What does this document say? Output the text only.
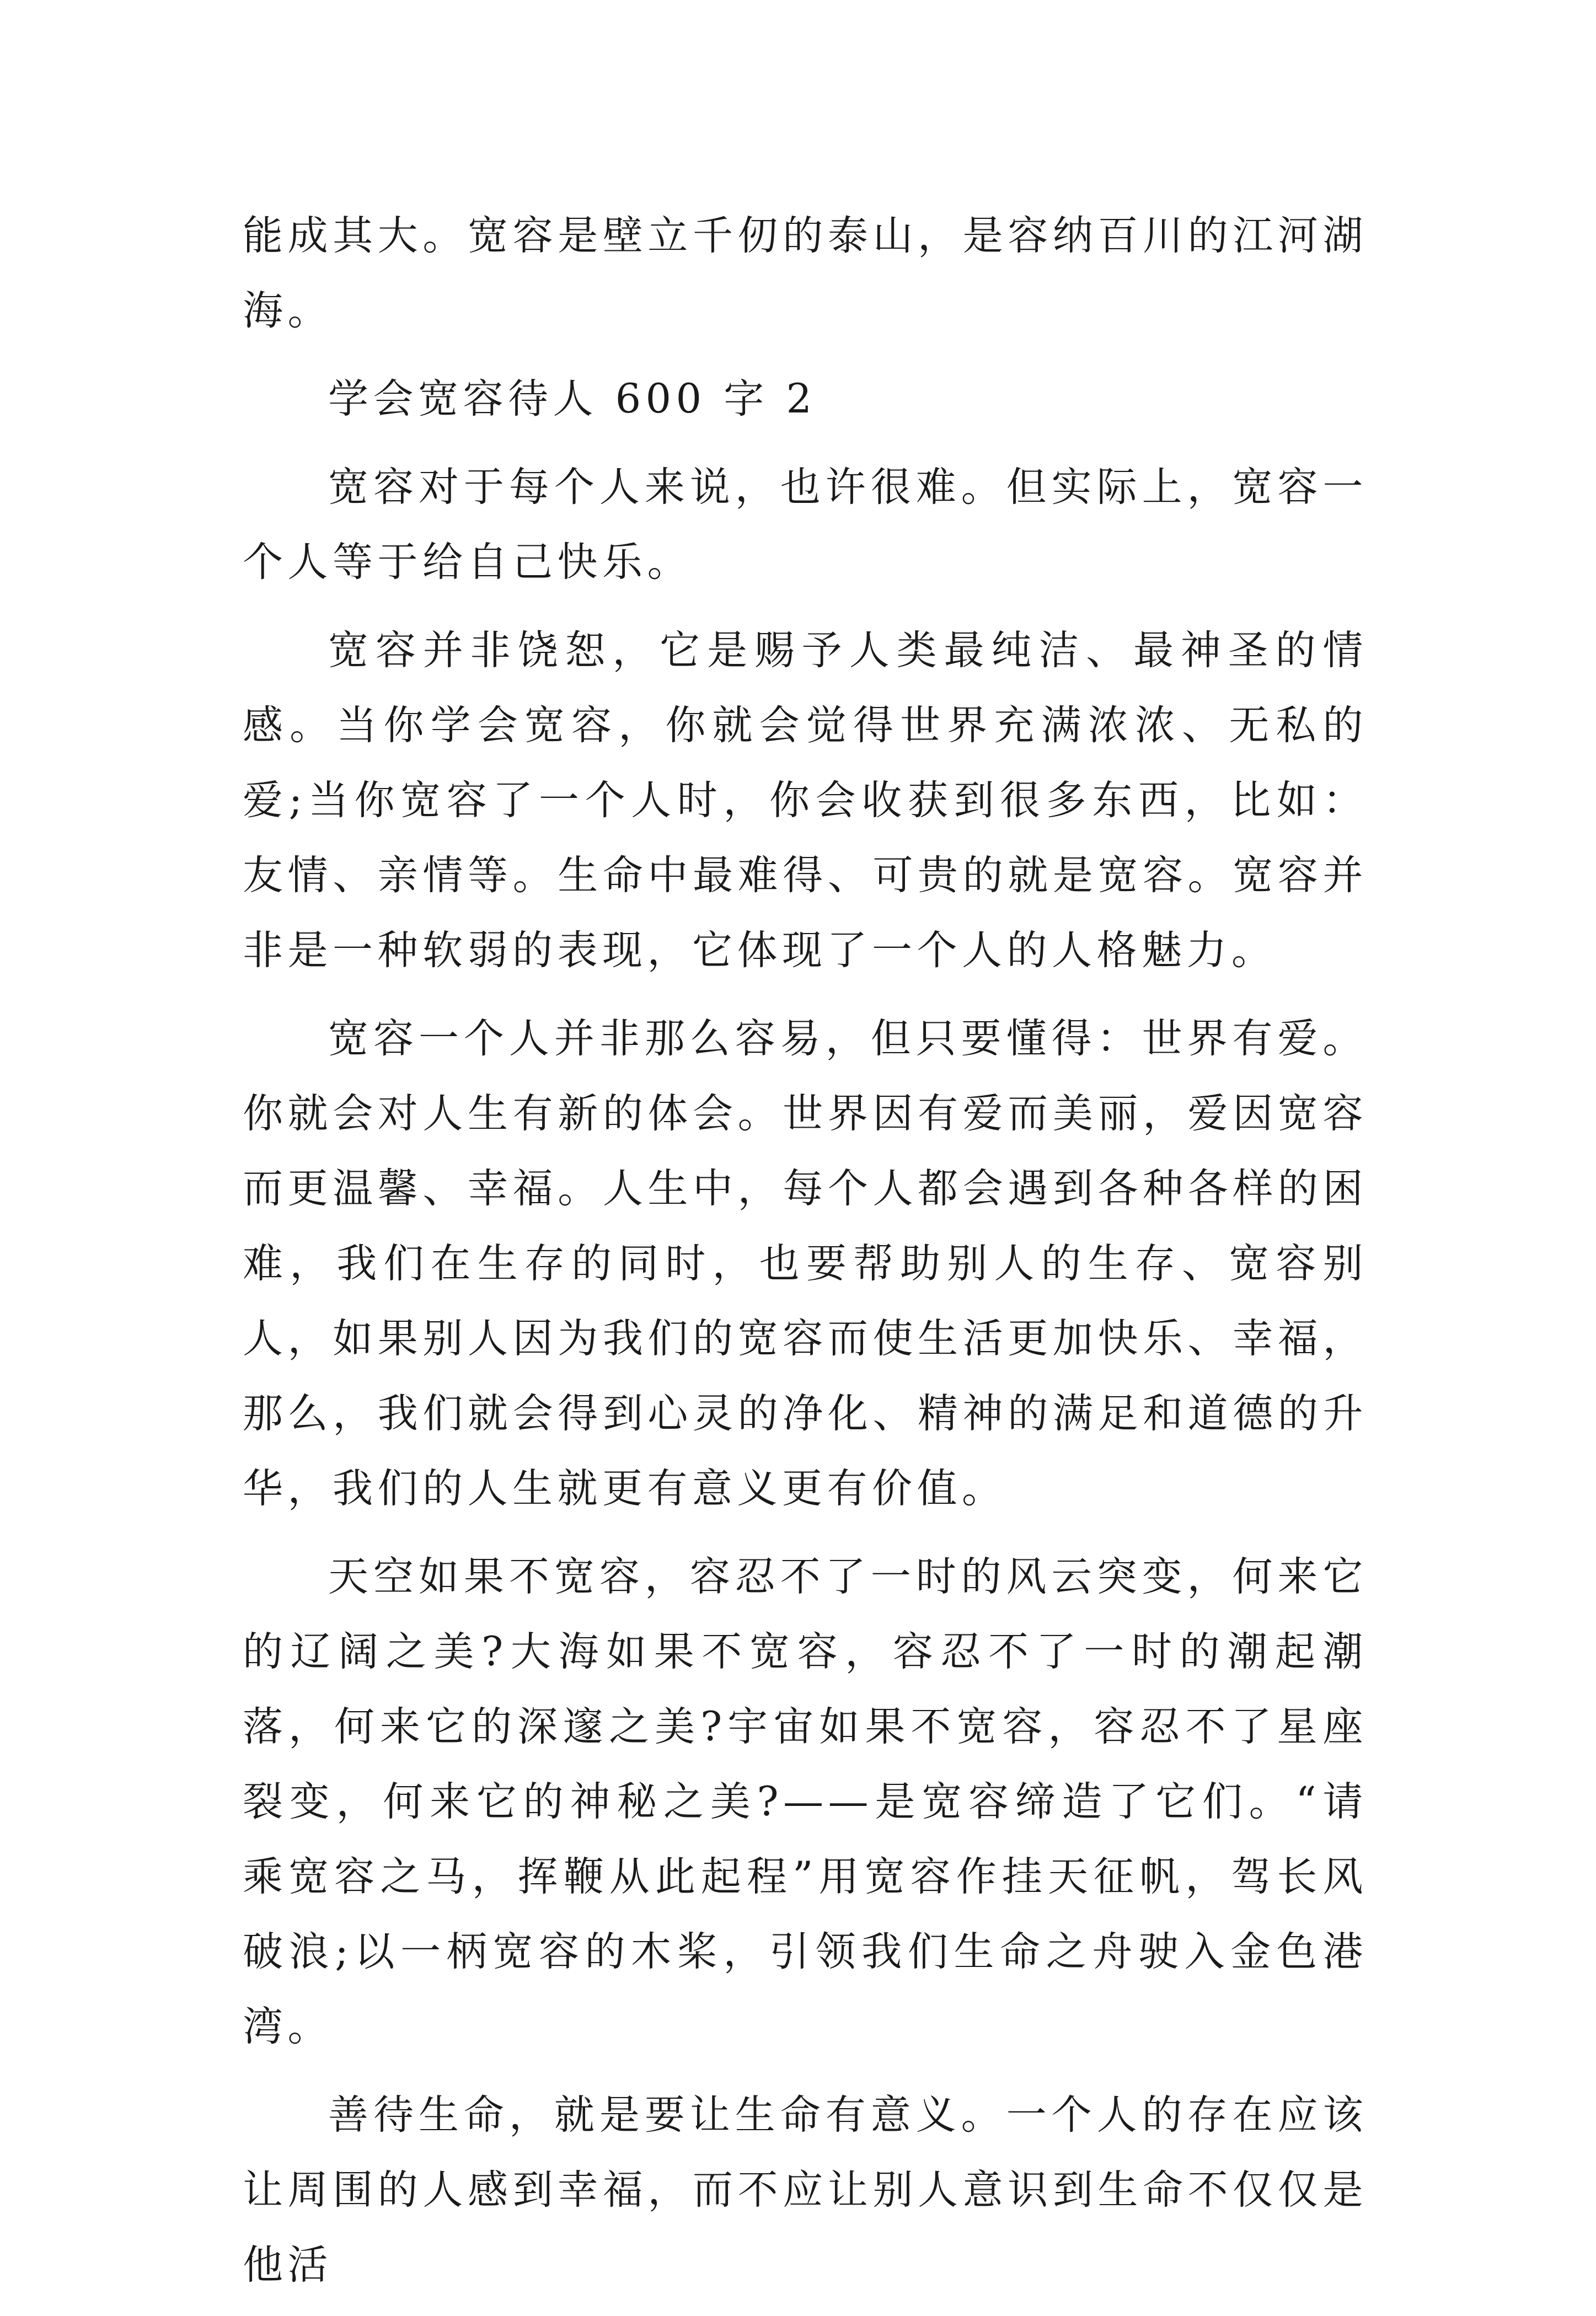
能成其大。宽容是壁立千仞的泰山，是容纳百川的江河湖海。

学会宽容待人 600 字 2

宽容对于每个人来说，也许很难。但实际上，宽容一个人等于给自己快乐。

宽容并非饶恕，它是赐予人类最纯洁、最神圣的情感。当你学会宽容，你就会觉得世界充满浓浓、无私的爱;当你宽容了一个人时，你会收获到很多东西，比如：友情、亲情等。生命中最难得、可贵的就是宽容。宽容并非是一种软弱的表现，它体现了一个人的人格魅力。

宽容一个人并非那么容易，但只要懂得：世界有爱。你就会对人生有新的体会。世界因有爱而美丽，爱因宽容而更温馨、幸福。人生中，每个人都会遇到各种各样的困难，我们在生存的同时，也要帮助别人的生存、宽容别人，如果别人因为我们的宽容而使生活更加快乐、幸福，那么，我们就会得到心灵的净化、精神的满足和道德的升华，我们的人生就更有意义更有价值。

天空如果不宽容，容忍不了一时的风云突变，何来它的辽阔之美?大海如果不宽容，容忍不了一时的潮起潮落，何来它的深邃之美?宇宙如果不宽容，容忍不了星座裂变，何来它的神秘之美?——是宽容缔造了它们。“请乘宽容之马，挥鞭从此起程”用宽容作挂天征帆，驾长风破浪;以一柄宽容的木桨，引领我们生命之舟驶入金色港湾。

善待生命，就是要让生命有意义。一个人的存在应该让周围的人感到幸福，而不应让别人意识到生命不仅仅是他活
